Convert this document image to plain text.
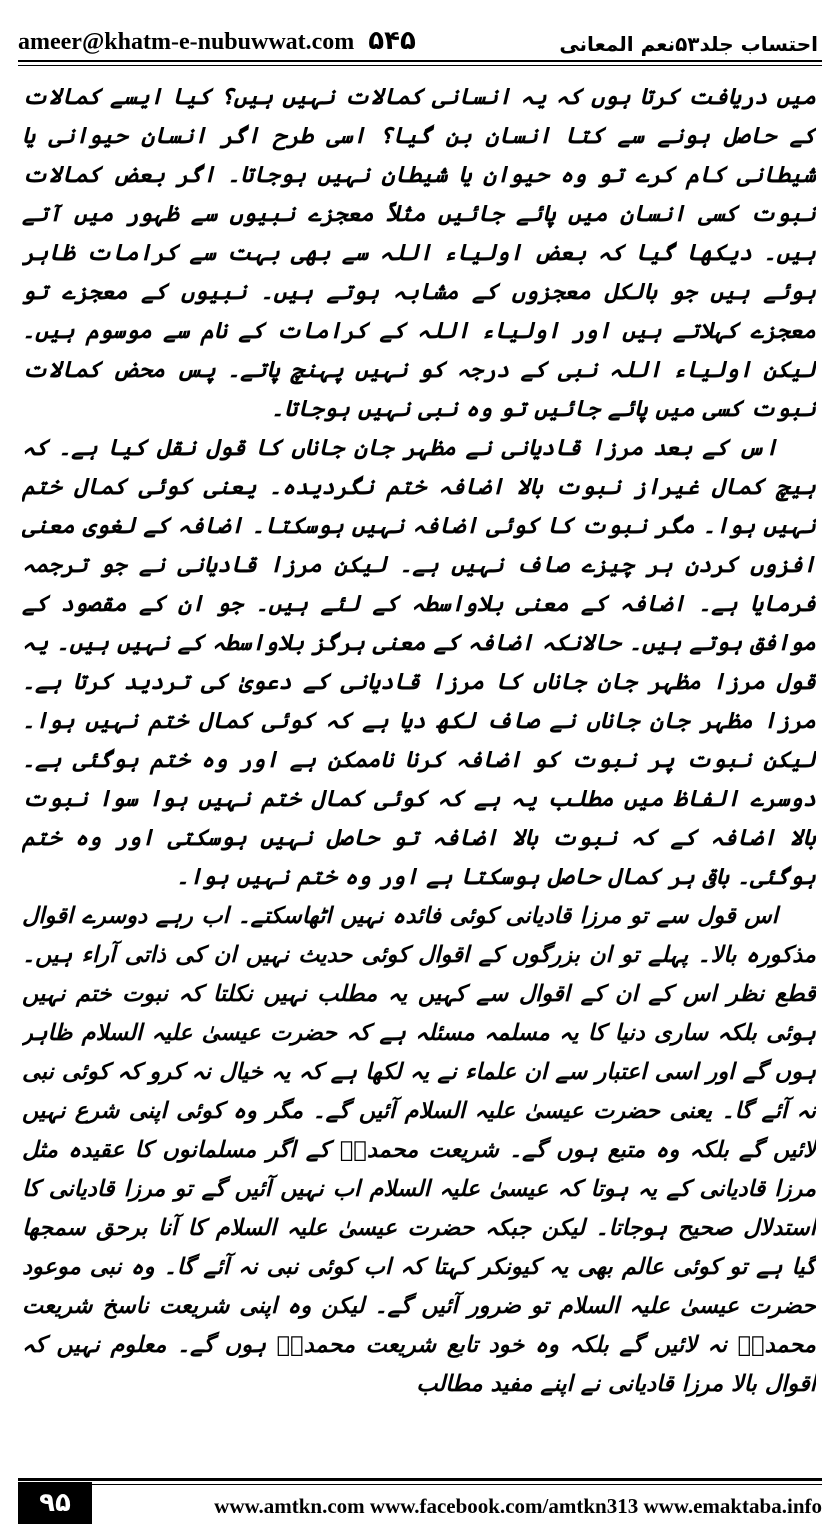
ameer@khatm-e-nubuwwat.com ۵۴۵	احتساب جلد۵۳نعم المعانی

میں دریافت کرتا ہوں کہ یہ انسانی کمالات نہیں ہیں؟ کیا ایسے کمالات کے حاصل ہونے سے کتا انسان بن گیا؟ اسی طرح اگر انسان حیوانی یا شیطانی کام کرے تو وہ حیوان یا شیطان نہیں ہوجاتا۔ اگر بعض کمالات نبوت کسی انسان میں پائے جائیں مثلاً معجزے نبیوں سے ظہور میں آتے ہیں۔ دیکھا گیا کہ بعض اولیاء اللہ سے بھی بہت سے کرامات ظاہر ہوئے ہیں جو بالکل معجزوں کے مشابہ ہوتے ہیں۔ نبیوں کے معجزے تو معجزے کہلاتے ہیں اور اولیاء اللہ کے کرامات کے نام سے موسوم ہیں۔ لیکن اولیاء اللہ نبی کے درجہ کو نہیں پہنچ پاتے۔ پس محض کمالات نبوت کسی میں پائے جائیں تو وہ نبی نہیں ہوجاتا۔

اس کے بعد مرزا قادیانی نے مظہر جان جاناں کا قول نقل کیا ہے۔ کہ ہیچ کمال غیراز نبوت بالا اضافہ ختم نگردیدہ۔ یعنی کوئی کمال ختم نہیں ہوا۔ مگر نبوت کا کوئی اضافہ نہیں ہوسکتا۔ اضافہ کے لغوی معنی افزوں کردن ہر چیزے صاف نہیں ہے۔ لیکن مرزا قادیانی نے جو ترجمہ فرمایا ہے۔ اضافہ کے معنی بلاواسطہ کے لئے ہیں۔ جو ان کے مقصود کے موافق ہوتے ہیں۔ حالانکہ اضافہ کے معنی ہرگز بلاواسطہ کے نہیں ہیں۔ یہ قول مرزا مظہر جان جاناں کا مرزا قادیانی کے دعویٰ کی تردید کرتا ہے۔ مرزا مظہر جان جاناں نے صاف لکھ دیا ہے کہ کوئی کمال ختم نہیں ہوا۔ لیکن نبوت پر نبوت کو اضافہ کرنا ناممکن ہے اور وہ ختم ہوگئی ہے۔ دوسرے الفاظ میں مطلب یہ ہے کہ کوئی کمال ختم نہیں ہوا سوا نبوت بالا اضافہ کے کہ نبوت بالا اضافہ تو حاصل نہیں ہوسکتی اور وہ ختم ہوگئی۔ باقی ہر کمال حاصل ہوسکتا ہے اور وہ ختم نہیں ہوا۔

اس قول سے تو مرزا قادیانی کوئی فائدہ نہیں اٹھاسکتے۔ اب رہے دوسرے اقوال مذکورہ بالا۔ پہلے تو ان بزرگوں کے اقوال کوئی حدیث نہیں ان کی ذاتی آراء ہیں۔ قطع نظر اس کے ان کے اقوال سے کہیں یہ مطلب نہیں نکلتا کہ نبوت ختم نہیں ہوئی بلکہ ساری دنیا کا یہ مسلمہ مسئلہ ہے کہ حضرت عیسیٰ علیہ السلام ظاہر ہوں گے اور اسی اعتبار سے ان علماء نے یہ لکھا ہے کہ یہ خیال نہ کرو کہ کوئی نبی نہ آئے گا۔ یعنی حضرت عیسیٰ علیہ السلام آئیں گے۔ مگر وہ کوئی اپنی شرع نہیں لائیں گے بلکہ وہ متبع ہوں گے۔ شریعت محمدیؐ کے اگر مسلمانوں کا عقیدہ مثل مرزا قادیانی کے یہ ہوتا کہ عیسیٰ علیہ السلام اب نہیں آئیں گے تو مرزا قادیانی کا استدلال صحیح ہوجاتا۔ لیکن جبکہ حضرت عیسیٰ علیہ السلام کا آنا برحق سمجھا گیا ہے تو کوئی عالم بھی یہ کیونکر کہتا کہ اب کوئی نبی نہ آئے گا۔ وہ نبی موعود حضرت عیسیٰ علیہ السلام تو ضرور آئیں گے۔ لیکن وہ اپنی شریعت ناسخ شریعت محمدیؐ نہ لائیں گے بلکہ وہ خود تابع شریعت محمدیؐ ہوں گے۔ معلوم نہیں کہ اقوال بالا مرزا قادیانی نے اپنے مفید مطالب

۹۵	www.amtkn.com www.facebook.com/amtkn313 www.emaktaba.info
